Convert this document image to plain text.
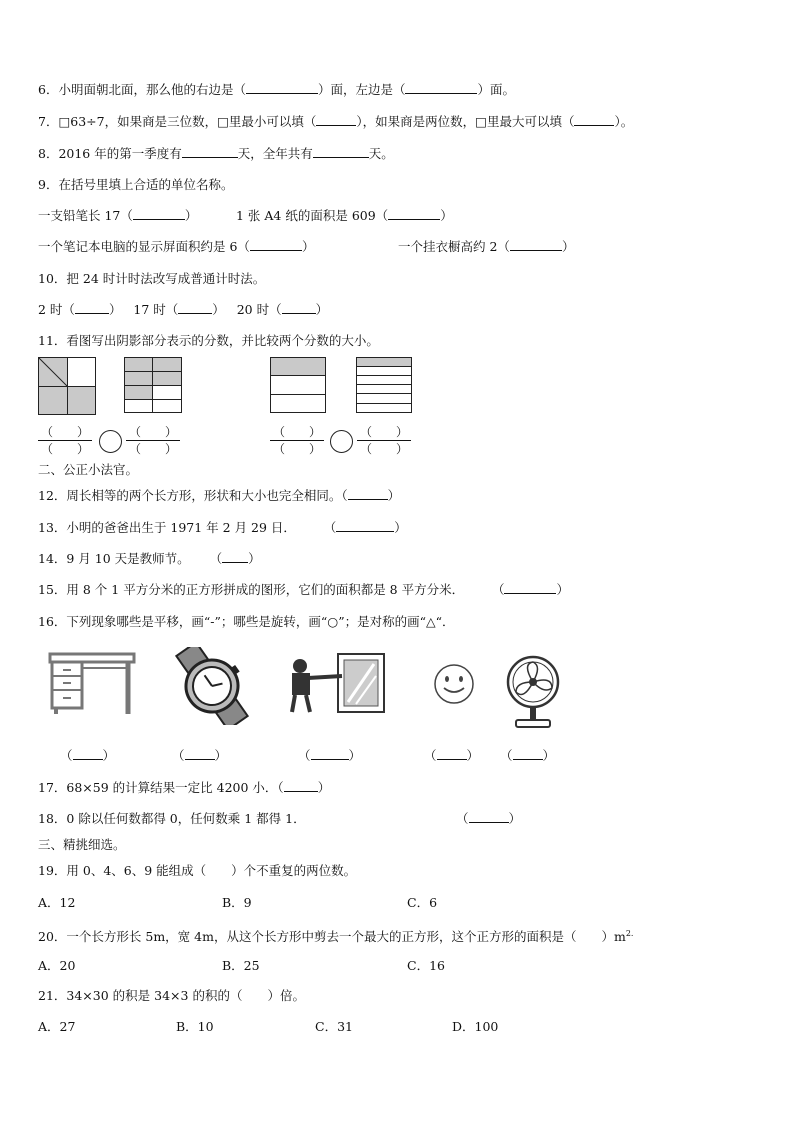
6．小明面朝北面，那么他的右边是（	）面，左边是（	）面。
7．□63÷7，如果商是三位数，□里最小可以填（	），如果商是两位数，□里最大可以填（	）。
8．2016 年的第一季度有	天，全年共有	天。
9．在括号里填上合适的单位名称。
一支铅笔长 17（	）	1 张 A4 纸的面积是 609（	）
一个笔记本电脑的显示屏面积约是 6（	）	一个挂衣橱高约 2（	）
10．把 24 时计时法改写成普通计时法。
2 时（	） 17 时（	） 20 时（	）
11．看图写出阴影部分表示的分数，并比较两个分数的大小。
（　　 ）
（　　 ）
（　　 ）
（　　 ）
（　　 ）
（　　 ）
（　　 ）
（　　 ）
二、公正小法官。
12．周长相等的两个长方形，形状和大小也完全相同。（	）
13．小明的爸爸出生于 1971 年 2 月 29 日． （	）
14．9 月 10 天是教师节。 （ ）
15．用 8 个 1 平方分米的正方形拼成的图形，它们的面积都是 8 平方分米． （	）
16．下列现象哪些是平移，画“-”；哪些是旋转，画“○”；是对称的画“△“．
（ ）	（ ）	（	）	（ ） （ ）
17．68×59 的计算结果一定比 4200 小．（	）
18．0 除以任何数都得 0，任何数乘 1 都得 1．	（	）
三、精挑细选。
19．用 0、4、6、9 能组成（　　）个不重复的两位数。
A．12	B．9	C．6
20．一个长方形长 5m，宽 4m，从这个长方形中剪去一个最大的正方形，这个正方形的面积是（　　）$m^{2.}$
A．20	B．25	C．16
21．34×30 的积是 34×3 的积的（　　）倍。
A．27	B．10	C．31	D．100
